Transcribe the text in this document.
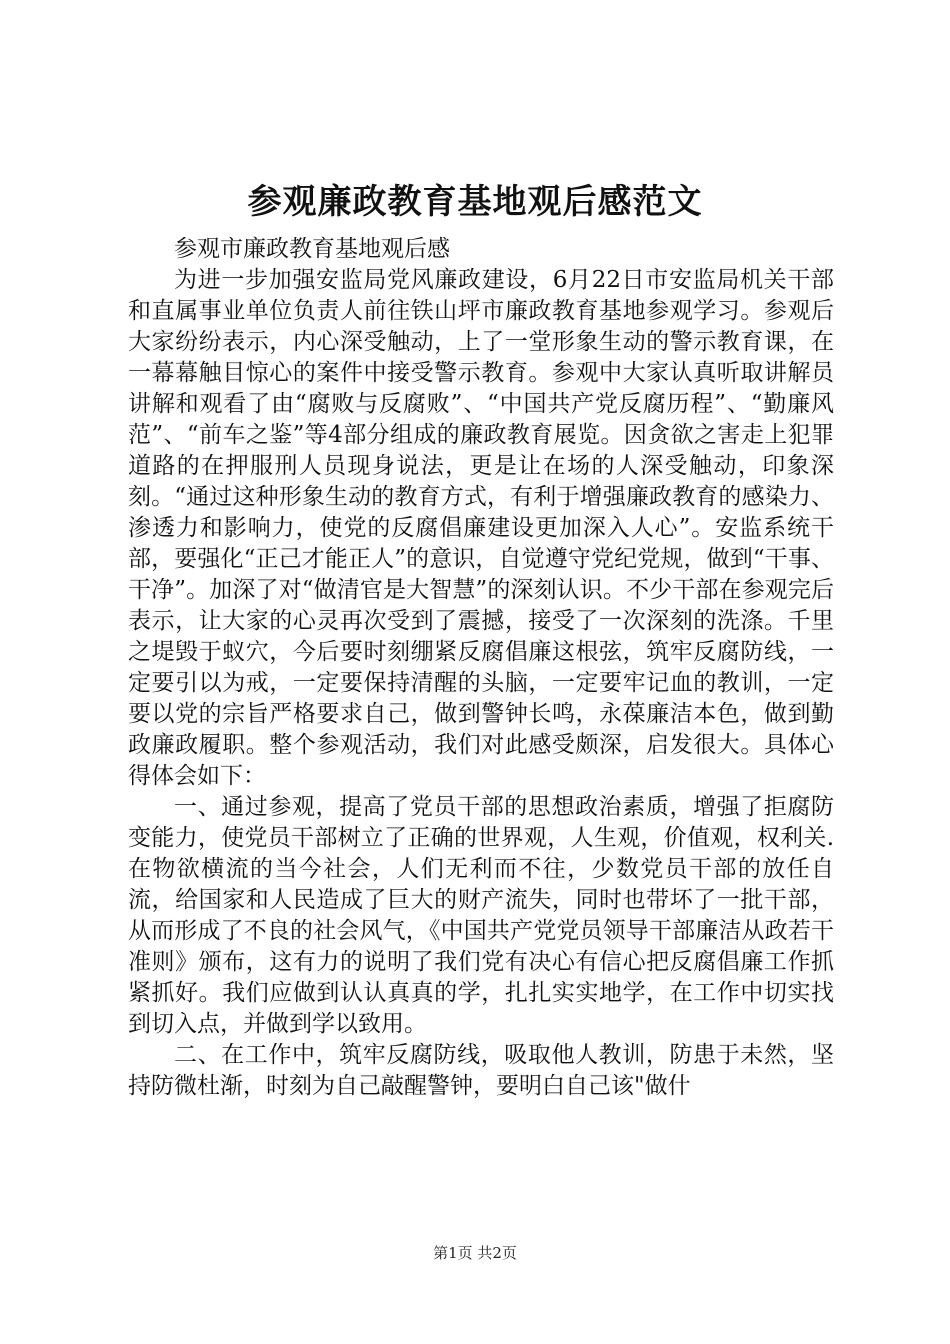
参观廉政教育基地观后感范文

参观市廉政教育基地观后感

为进一步加强安监局党风廉政建设，6月22日市安监局机关干部和直属事业单位负责人前往铁山坪市廉政教育基地参观学习。参观后大家纷纷表示，内心深受触动，上了一堂形象生动的警示教育课，在一幕幕触目惊心的案件中接受警示教育。参观中大家认真听取讲解员讲解和观看了由“腐败与反腐败”、“中国共产党反腐历程”、“勤廉风范”、“前车之鉴”等4部分组成的廉政教育展览。因贪欲之害走上犯罪道路的在押服刑人员现身说法，更是让在场的人深受触动，印象深刻。“通过这种形象生动的教育方式，有利于增强廉政教育的感染力、渗透力和影响力，使党的反腐倡廉建设更加深入人心”。安监系统干部，要强化“正己才能正人”的意识，自觉遵守党纪党规，做到“干事、干净”。加深了对“做清官是大智慧”的深刻认识。不少干部在参观完后表示，让大家的心灵再次受到了震撼，接受了一次深刻的洗涤。千里之堤毁于蚁穴，今后要时刻绷紧反腐倡廉这根弦，筑牢反腐防线，一定要引以为戒，一定要保持清醒的头脑，一定要牢记血的教训，一定要以党的宗旨严格要求自己，做到警钟长鸣，永葆廉洁本色，做到勤政廉政履职。整个参观活动，我们对此感受颇深，启发很大。具体心得体会如下：

一、通过参观，提高了党员干部的思想政治素质，增强了拒腐防变能力，使党员干部树立了正确的世界观，人生观，价值观，权利关.在物欲横流的当今社会，人们无利而不往，少数党员干部的放任自流，给国家和人民造成了巨大的财产流失，同时也带坏了一批干部，从而形成了不良的社会风气，《中国共产党党员领导干部廉洁从政若干准则》颁布，这有力的说明了我们党有决心有信心把反腐倡廉工作抓紧抓好。我们应做到认认真真的学，扎扎实实地学，在工作中切实找到切入点，并做到学以致用。

二、在工作中，筑牢反腐防线，吸取他人教训，防患于未然，坚持防微杜渐，时刻为自己敲醒警钟，要明白自己该"做什

第1页 共2页
